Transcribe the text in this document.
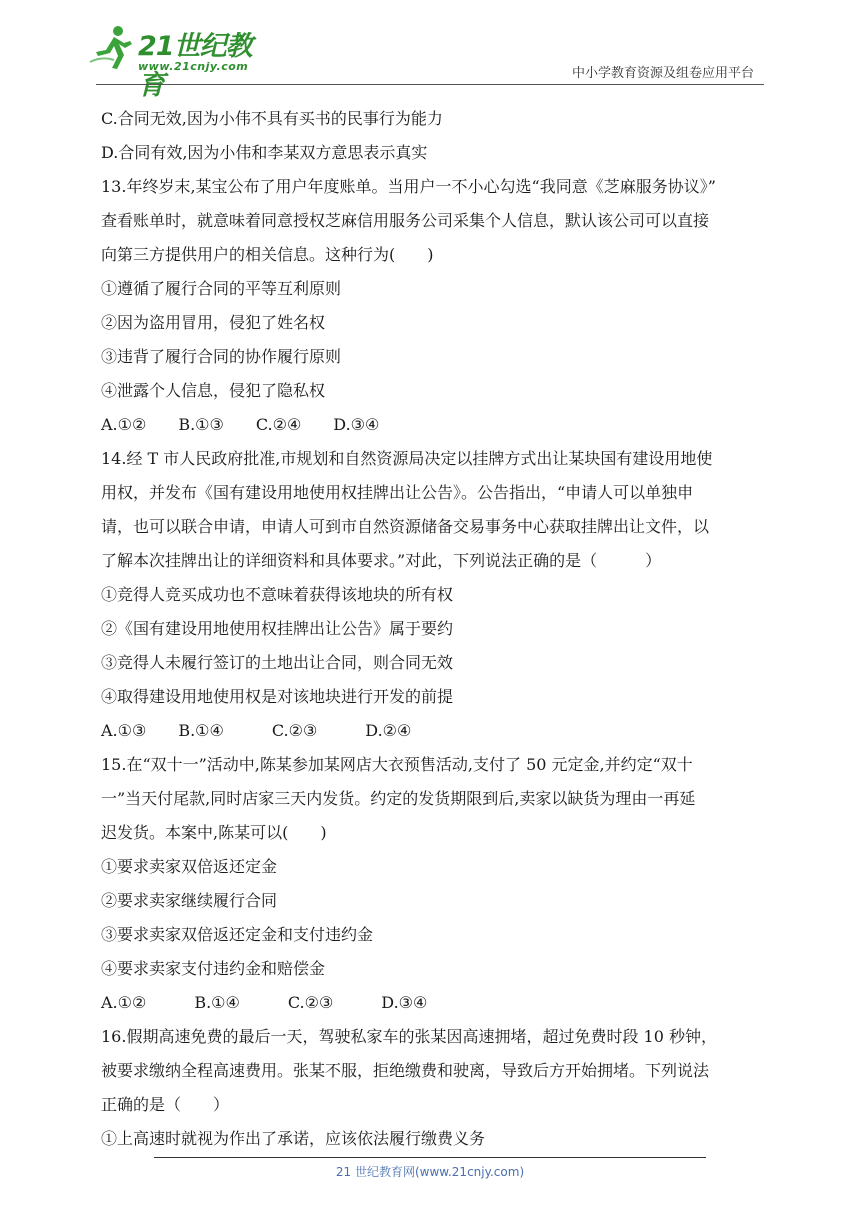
21世纪教育
www.21cnjy.com	中小学教育资源及组卷应用平台
C.合同无效,因为小伟不具有买书的民事行为能力
D.合同有效,因为小伟和李某双方意思表示真实
13.年终岁末,某宝公布了用户年度账单。当用户一不小心勾选“我同意《芝麻服务协议》”
查看账单时，就意味着同意授权芝麻信用服务公司采集个人信息，默认该公司可以直接
向第三方提供用户的相关信息。这种行为(　　)
①遵循了履行合同的平等互利原则
②因为盗用冒用，侵犯了姓名权
③违背了履行合同的协作履行原则
④泄露个人信息，侵犯了隐私权
A.①②　　B.①③　　C.②④　　D.③④
14.经 T 市人民政府批准,市规划和自然资源局决定以挂牌方式出让某块国有建设用地使
用权，并发布《国有建设用地使用权挂牌出让公告》。公告指出，“申请人可以单独申
请，也可以联合申请，申请人可到市自然资源储备交易事务中心获取挂牌出让文件，以
了解本次挂牌出让的详细资料和具体要求。”对此，下列说法正确的是（　　　）
①竞得人竞买成功也不意味着获得该地块的所有权
②《国有建设用地使用权挂牌出让公告》属于要约
③竞得人未履行签订的土地出让合同，则合同无效
④取得建设用地使用权是对该地块进行开发的前提
A.①③　　B.①④　　　C.②③　　　D.②④
15.在“双十一”活动中,陈某参加某网店大衣预售活动,支付了 50 元定金,并约定“双十
一”当天付尾款,同时店家三天内发货。约定的发货期限到后,卖家以缺货为理由一再延
迟发货。本案中,陈某可以(　　)
①要求卖家双倍返还定金
②要求卖家继续履行合同
③要求卖家双倍返还定金和支付违约金
④要求卖家支付违约金和赔偿金
A.①②　　　B.①④　　　C.②③　　　D.③④
16.假期高速免费的最后一天，驾驶私家车的张某因高速拥堵，超过免费时段 10 秒钟，
被要求缴纳全程高速费用。张某不服，拒绝缴费和驶离，导致后方开始拥堵。下列说法
正确的是（　　）
①上高速时就视为作出了承诺，应该依法履行缴费义务
21 世纪教育网(www.21cnjy.com)
